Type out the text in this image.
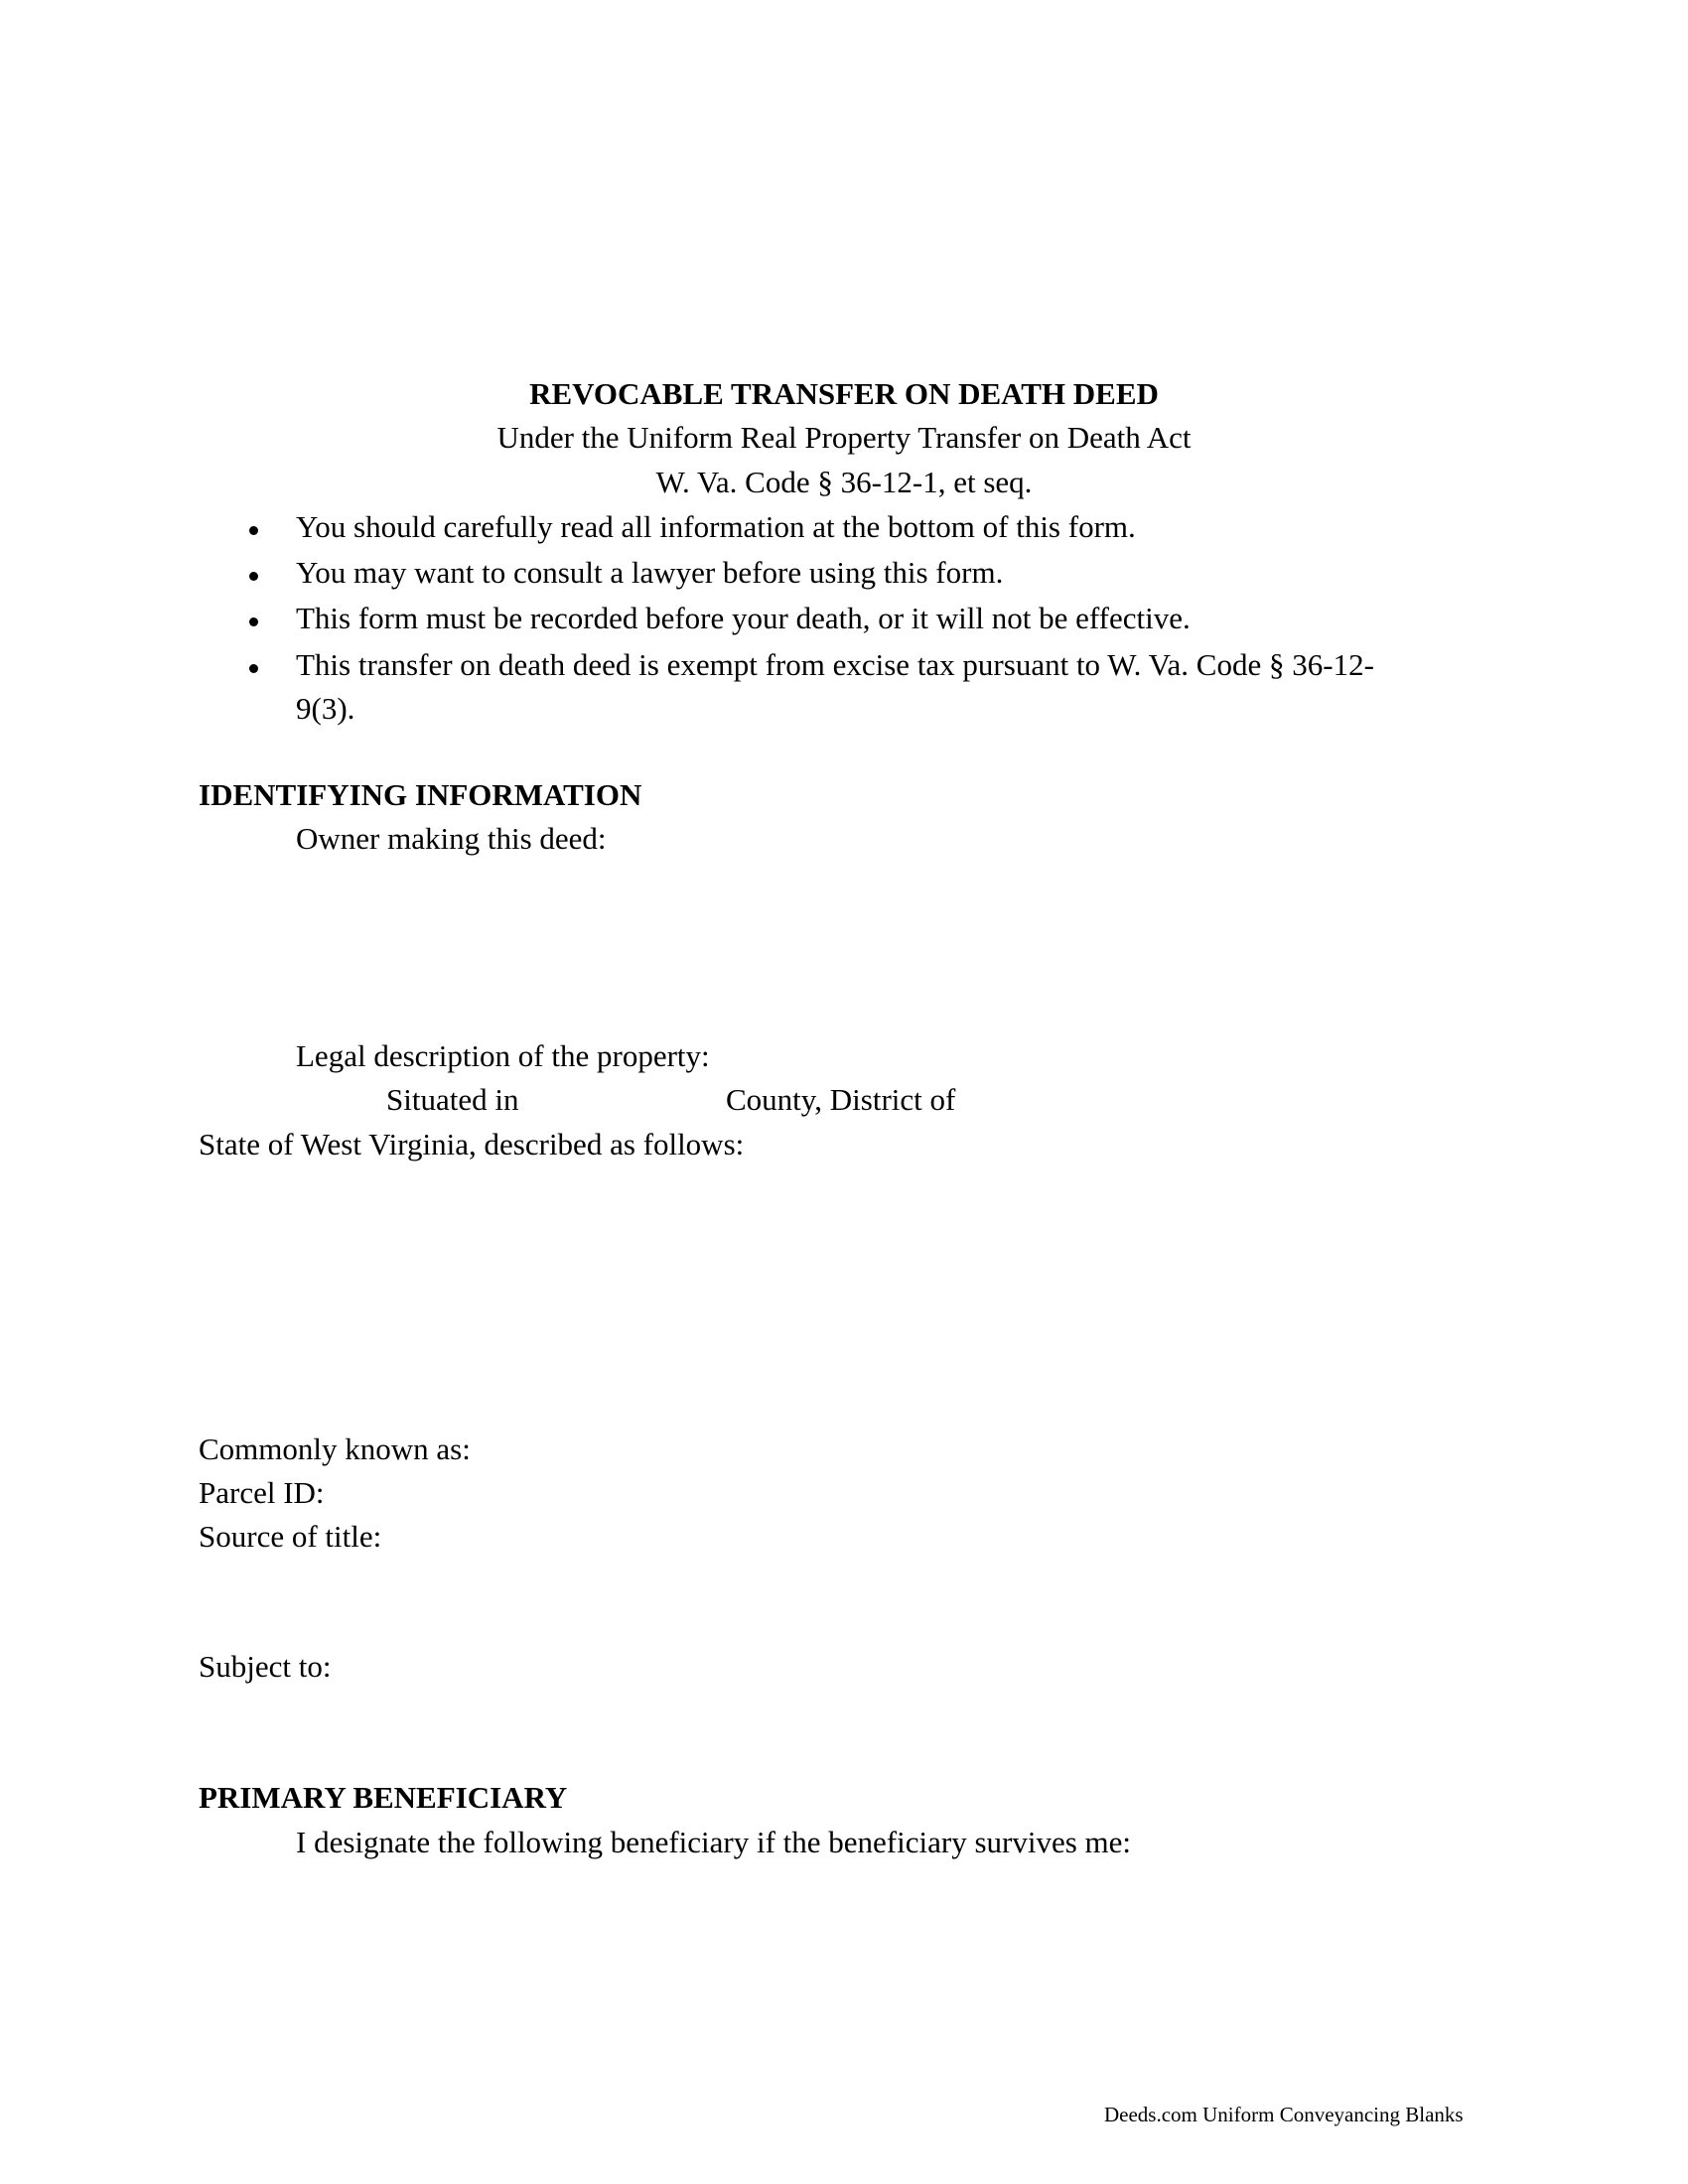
REVOCABLE TRANSFER ON DEATH DEED
Under the Uniform Real Property Transfer on Death Act
W. Va. Code § 36-12-1, et seq.
You should carefully read all information at the bottom of this form.
You may want to consult a lawyer before using this form.
This form must be recorded before your death, or it will not be effective.
This transfer on death deed is exempt from excise tax pursuant to W. Va. Code § 36-12-
9(3).
IDENTIFYING INFORMATION
Owner making this deed:
Legal description of the property:
Situated in	County, District of
State of West Virginia, described as follows:
Commonly known as:
Parcel ID:
Source of title:
Subject to:
PRIMARY BENEFICIARY
I designate the following beneficiary if the beneficiary survives me:
Deeds.com Uniform Conveyancing Blanks
